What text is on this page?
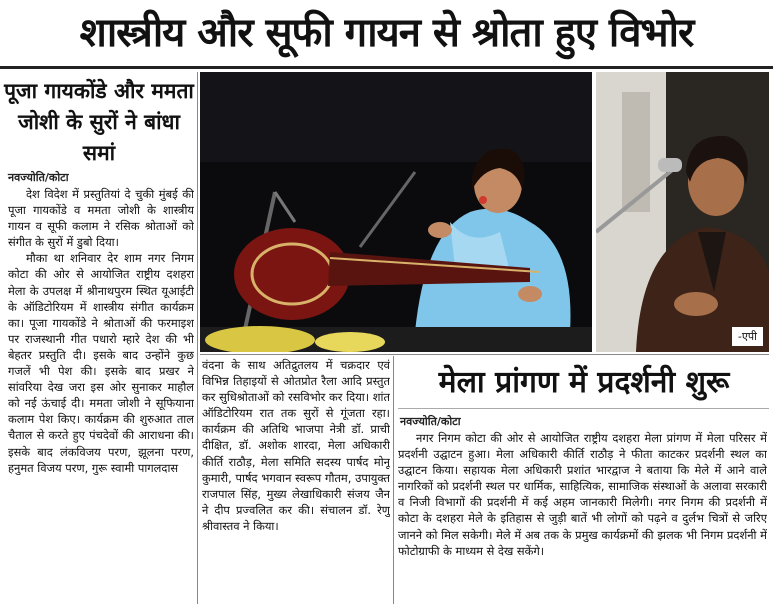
शास्त्रीय और सूफी गायन से श्रोता हुए विभोर
पूजा गायकोंडे और ममता जोशी के सुरों ने बांधा समां
नवज्योति/कोटा

देश विदेश में प्रस्तुतियां दे चुकी मुंबई की पूजा गायकोंडे व ममता जोशी के शास्त्रीय गायन व सूफी कलाम ने रसिक श्रोताओं को संगीत के सुरों में डुबो दिया।

मौका था शनिवार देर शाम नगर निगम कोटा की ओर से आयोजित राष्ट्रीय दशहरा मेला के उपलक्ष में श्रीनाथपुरम स्थित यूआईटी के ऑडिटोरियम में शास्त्रीय संगीत कार्यक्रम का। पूजा गायकोंडे ने श्रोताओं की फरमाइश पर राजस्थानी गीत पधारो म्हारे देश की भी बेहतर प्रस्तुति दी। इसके बाद उन्होंने कुछ गजलें भी पेश की। इसके बाद प्रखर ने सांवरिया देख जरा इस ओर सुनाकर माहौल को नई ऊंचाई दी। ममता जोशी ने सूफियाना कलाम पेश किए। कार्यक्रम की शुरुआत ताल चैताल से करते हुए पंचदेवों की आराधना की। इसके बाद लंकविजय परण, झूलना परण, हनुमत विजय परण, गुरू स्वामी पागलदास

-एपी

वंदना के साथ अतिद्रुतलय में चक्रदार एवं विभिन्न तिहाइयों से ओतप्रोत रैला आदि प्रस्तुत कर सुधिश्रोताओं को रसविभोर कर दिया। शांत ऑडिटोरियम रात तक सुरों से गूंजता रहा। कार्यक्रम की अतिथि भाजपा नेत्री डॉ. प्राची दीक्षित, डॉ. अशोक शारदा, मेला अधिकारी कीर्ति राठौड़, मेला समिति सदस्य पार्षद मोनू कुमारी, पार्षद भगवान स्वरूप गौतम, उपायुक्त राजपाल सिंह, मुख्य लेखाधिकारी संजय जैन ने दीप प्रज्वलित कर की। संचालन डॉ. रेणु श्रीवास्तव ने किया।

मेला प्रांगण में प्रदर्शनी शुरू
नवज्योति/कोटा

नगर निगम कोटा की ओर से आयोजित राष्ट्रीय दशहरा मेला प्रांगण में मेला परिसर में प्रदर्शनी उद्घाटन हुआ। मेला अधिकारी कीर्ति राठौड़ ने फीता काटकर प्रदर्शनी स्थल का उद्घाटन किया। सहायक मेला अधिकारी प्रशांत भारद्वाज ने बताया कि मेले में आने वाले नागरिकों को प्रदर्शनी स्थल पर धार्मिक, साहित्यिक, सामाजिक संस्थाओं के अलावा सरकारी व निजी विभागों की प्रदर्शनी में कई अहम जानकारी मिलेगी। नगर निगम की प्रदर्शनी में कोटा के दशहरा मेले के इतिहास से जुड़ी बातें भी लोगों को पढ़ने व दुर्लभ चित्रों से जरिए जानने को मिल सकेगी। मेले में अब तक के प्रमुख कार्यक्रमों की झलक भी निगम प्रदर्शनी में फोटोग्राफी के माध्यम से देख सकेंगे।
